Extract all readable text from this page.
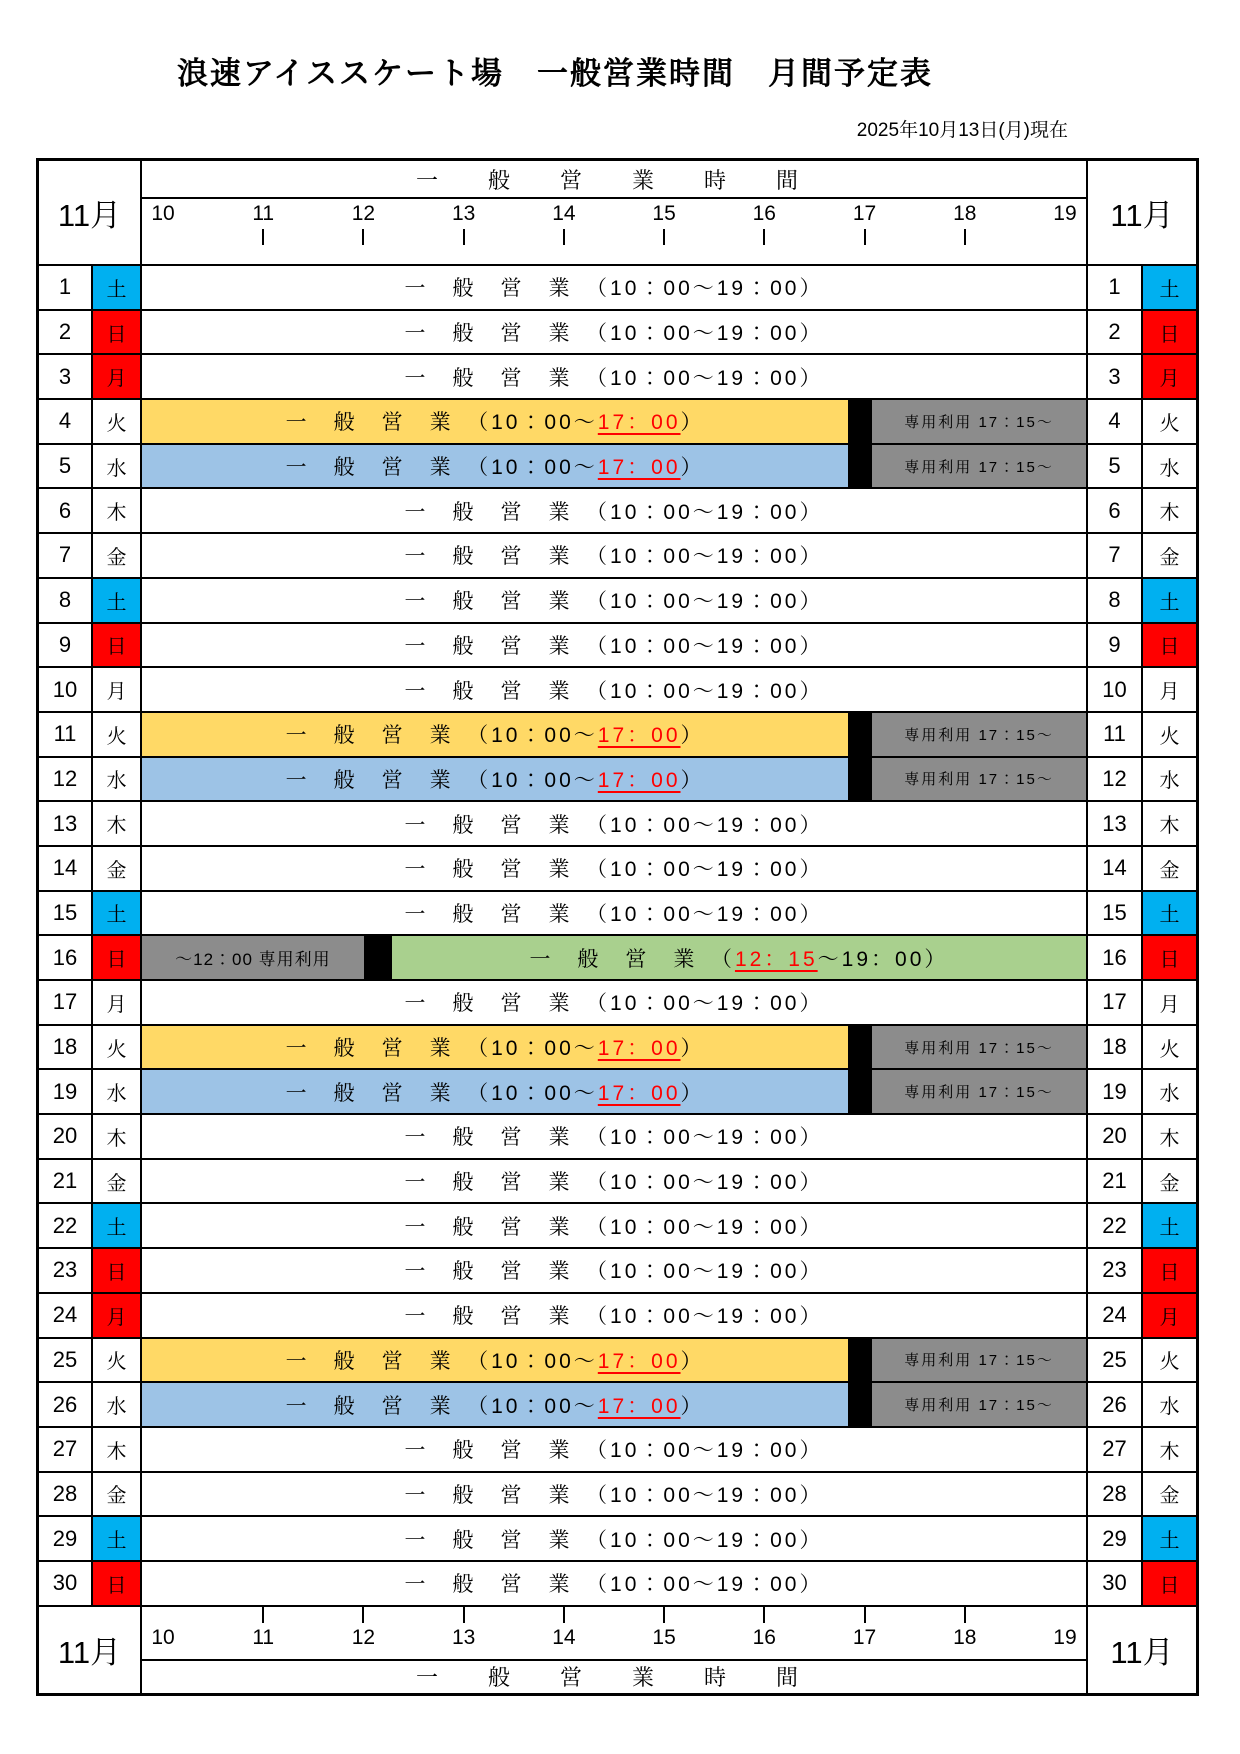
浪速アイススケート場　一般営業時間　月間予定表
2025年10月13日(月)現在
11月
一　般　営　業　時　間
10	11	12	13	14	15	16	17	18	19	11月
1	土	一　般　営　業　（10：00～19：00）	1	土
2	日	一　般　営　業　（10：00～19：00）	2	日
3	月	一　般　営　業　（10：00～19：00）	3	月
4	火	一　般　営　業　（10：00～ 17：00 ）	専用利用 17：15～	4	火
5	水	一　般　営　業　（10：00～ 17：00 ）	専用利用 17：15～	5	水
6	木	一　般　営　業　（10：00～19：00）	6	木
7	金	一　般　営　業　（10：00～19：00）	7	金
8	土	一　般　営　業　（10：00～19：00）	8	土
9	日	一　般　営　業　（10：00～19：00）	9	日
10	月	一　般　営　業　（10：00～19：00）	10	月
11	火	一　般　営　業　（10：00～ 17：00 ）	専用利用 17：15～	11	火
12	水	一　般　営　業　（10：00～ 17：00 ）	専用利用 17：15～	12	水
13	木	一　般　営　業　（10：00～19：00）	13	木
14	金	一　般　営　業　（10：00～19：00）	14	金
15	土	一　般　営　業　（10：00～19：00）	15	土
16	日	～12：00 専用利用	一　般　営　業　（ 12：15 ～19：00）	16	日
17	月	一　般　営　業　（10：00～19：00）	17	月
18	火	一　般　営　業　（10：00～ 17：00 ）	専用利用 17：15～	18	火
19	水	一　般　営　業　（10：00～ 17：00 ）	専用利用 17：15～	19	水
20	木	一　般　営　業　（10：00～19：00）	20	木
21	金	一　般　営　業　（10：00～19：00）	21	金
22	土	一　般　営　業　（10：00～19：00）	22	土
23	日	一　般　営　業　（10：00～19：00）	23	日
24	月	一　般　営　業　（10：00～19：00）	24	月
25	火	一　般　営　業　（10：00～ 17：00 ）	専用利用 17：15～	25	火
26	水	一　般　営　業　（10：00～ 17：00 ）	専用利用 17：15～	26	水
27	木	一　般　営　業　（10：00～19：00）	27	木
28	金	一　般　営　業　（10：00～19：00）	28	金
29	土	一　般　営　業　（10：00～19：00）	29	土
30	日	一　般　営　業　（10：00～19：00）	30	日
11月	10	11	12	13	14	15	16	17	18	19
一　般　営　業　時　間
11月
